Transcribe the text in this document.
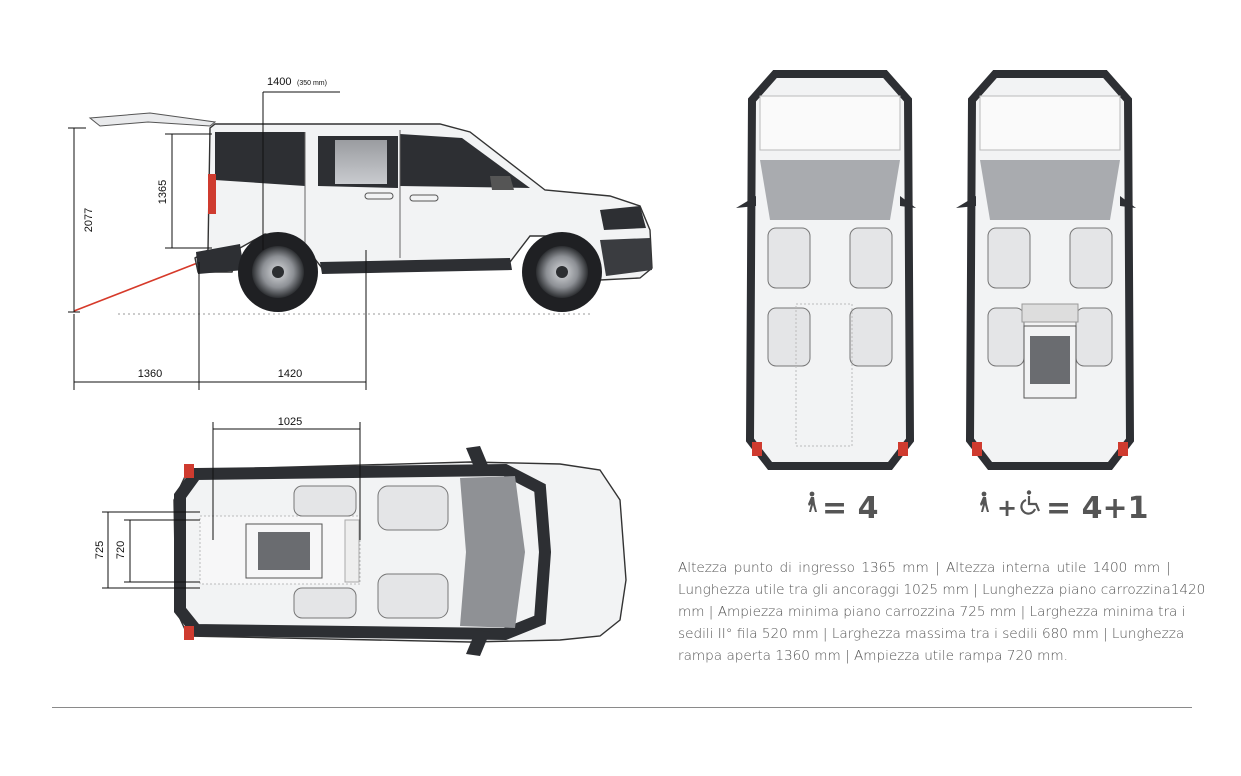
1400 (350 mm)
2077
1365
1360	1420
1025
725 720
= 4	+ = 4+1
Altezza punto di ingresso 1365 mm | Altezza interna utile 1400 mm |
Lunghezza utile tra gli ancoraggi 1025 mm | Lunghezza piano carrozzina1420
mm | Ampiezza minima piano carrozzina 725 mm | Larghezza minima tra i
sedili II° fila 520 mm | Larghezza massima tra i sedili 680 mm | Lunghezza
rampa aperta 1360 mm | Ampiezza utile rampa 720 mm.
